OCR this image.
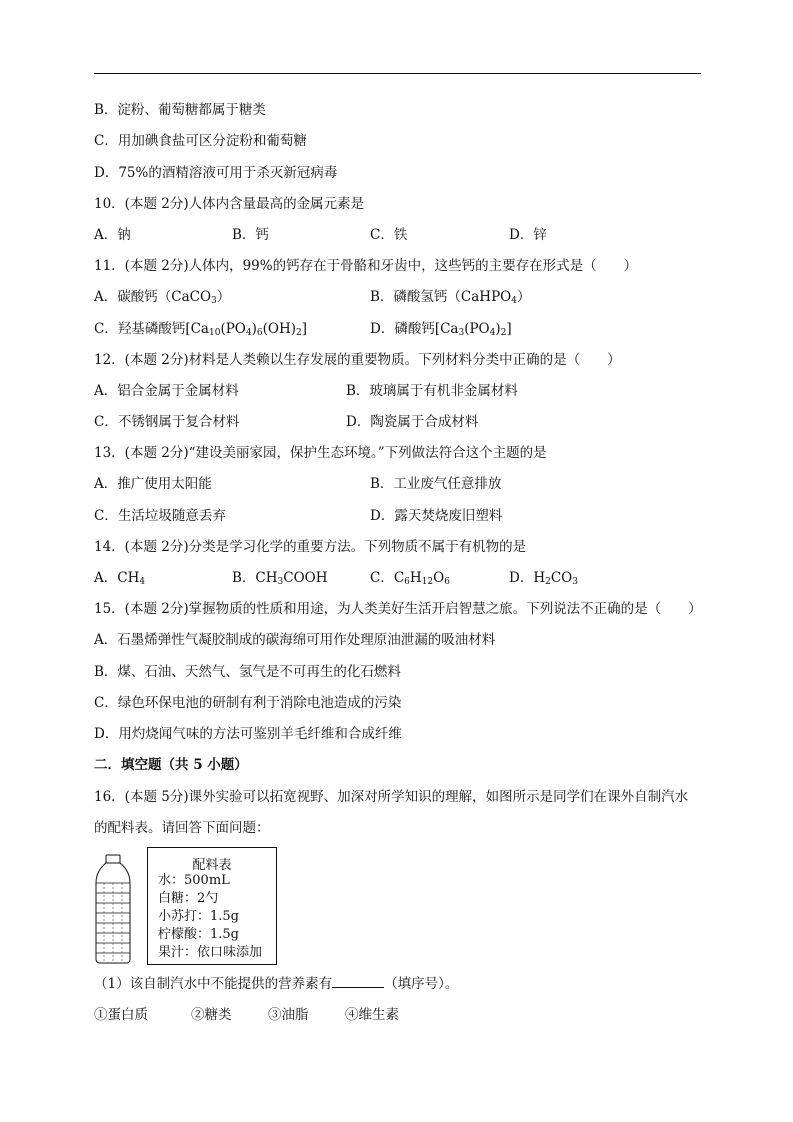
B．淀粉、葡萄糖都属于糖类
C．用加碘食盐可区分淀粉和葡萄糖
D．75%的酒精溶液可用于杀灭新冠病毒
10．(本题 2分)人体内含量最高的金属元素是
A．钠	B．钙	C．铁	D．锌
11．(本题 2分)人体内，99%的钙存在于骨骼和牙齿中，这些钙的主要存在形式是（　　）
A．碳酸钙（CaCO$_3$）	B．磷酸氢钙（CaHPO$_4$）
C．羟基磷酸钙$[Ca_{10}(PO_4)_6(OH)_2]$	D．磷酸钙$[Ca_3(PO_4)_2]$
12．(本题 2分)材料是人类赖以生存发展的重要物质。下列材料分类中正确的是（　　）
A．铝合金属于金属材料	B．玻璃属于有机非金属材料
C．不锈钢属于复合材料	D．陶瓷属于合成材料
13．(本题 2分)“建设美丽家园，保护生态环境。”下列做法符合这个主题的是
A．推广使用太阳能	B．工业废气任意排放
C．生活垃圾随意丢弃	D．露天焚烧废旧塑料
14．(本题 2分)分类是学习化学的重要方法。下列物质不属于有机物的是
A．$CH_4$	B．$CH_3COOH$	C．$C_6H_{12}O_6$	D．$H_2CO_3$
15．(本题 2分)掌握物质的性质和用途，为人类美好生活开启智慧之旅。下列说法不正确的是（　　）
A．石墨烯弹性气凝胶制成的碳海绵可用作处理原油泄漏的吸油材料
B．煤、石油、天然气、氢气是不可再生的化石燃料
C．绿色环保电池的研制有利于消除电池造成的污染
D．用灼烧闻气味的方法可鉴别羊毛纤维和合成纤维
二．填空题（共 5 小题）
16．(本题 5分)课外实验可以拓宽视野、加深对所学知识的理解，如图所示是同学们在课外自制汽水
的配料表。请回答下面问题：
配料表
水：500mL
白糖：2勺
小苏打：1.5g
柠檬酸：1.5g
果汁：依口味添加
（1）该自制汽水中不能提供的营养素有	（填序号）。
①蛋白质	②糖类	③油脂	④维生素
